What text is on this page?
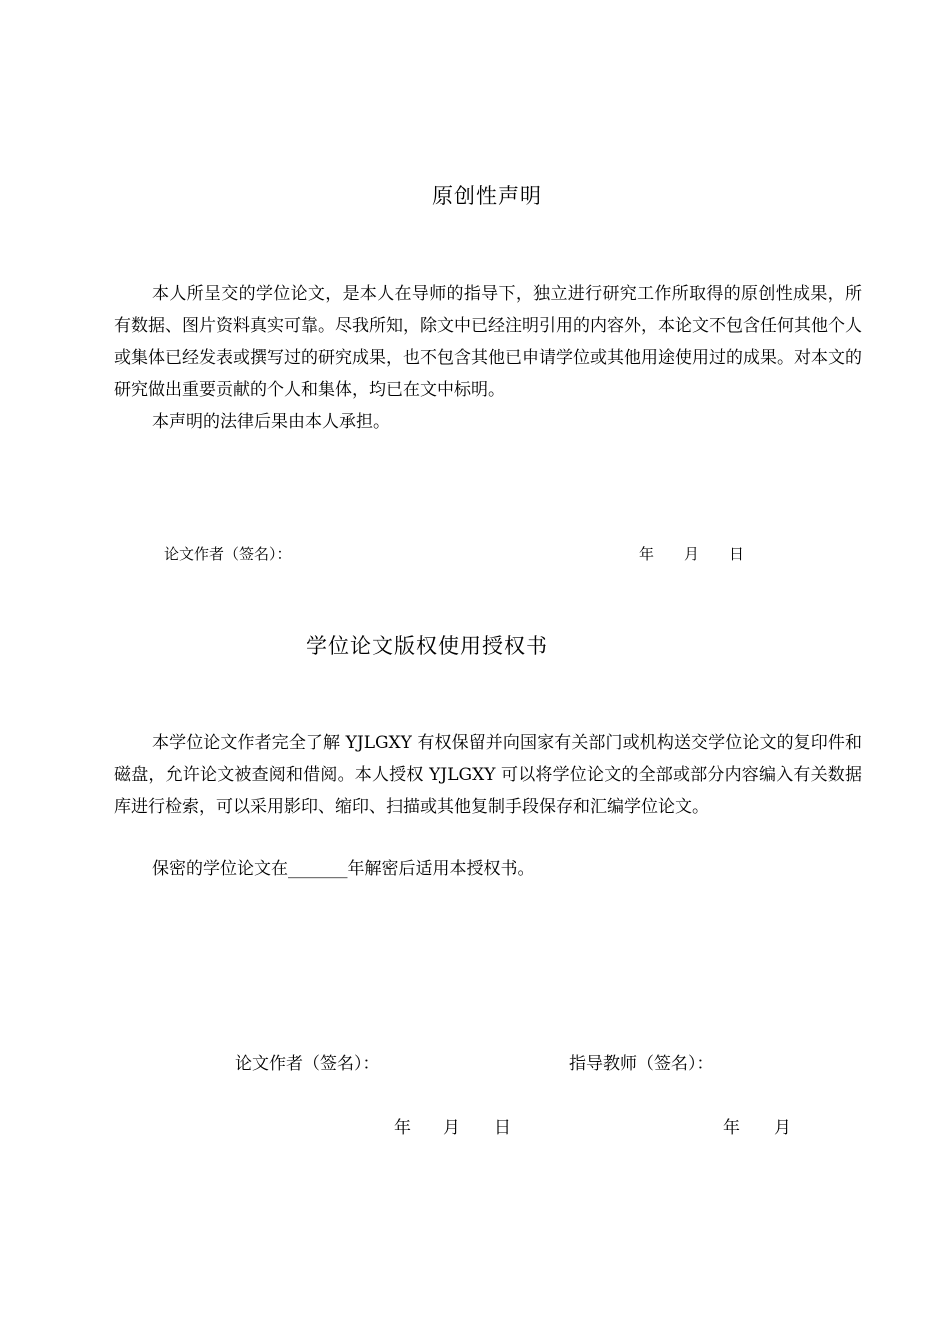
原创性声明
本人所呈交的学位论文，是本人在导师的指导下，独立进行研究工作所取得的原创性成果，所有数据、图片资料真实可靠。尽我所知，除文中已经注明引用的内容外，本论文不包含任何其他个人或集体已经发表或撰写过的研究成果，也不包含其他已申请学位或其他用途使用过的成果。对本文的研究做出重要贡献的个人和集体，均已在文中标明。
本声明的法律后果由本人承担。
论文作者（签名）：	年 月 日
学位论文版权使用授权书
本学位论文作者完全了解 YJLGXY 有权保留并向国家有关部门或机构送交学位论文的复印件和磁盘，允许论文被查阅和借阅。本人授权 YJLGXY 可以将学位论文的全部或部分内容编入有关数据库进行检索，可以采用影印、缩印、扫描或其他复制手段保存和汇编学位论文。
保密的学位论文在_______年解密后适用本授权书。
论文作者（签名）：	指导教师（签名）：
年 月 日	年 月
